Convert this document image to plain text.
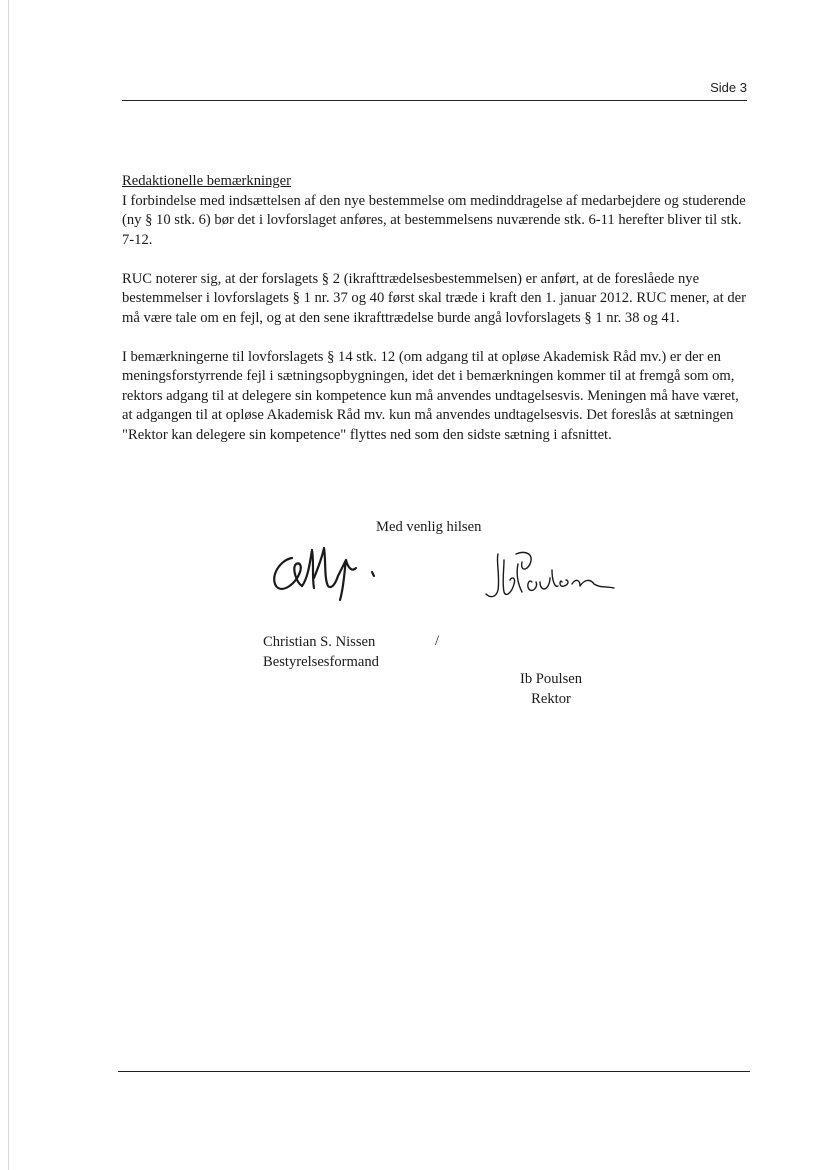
Side 3
Redaktionelle bemærkninger

I forbindelse med indsættelsen af den nye bestemmelse om medinddragelse af medarbejdere og studerende (ny § 10 stk. 6) bør det i lovforslaget anføres, at bestemmelsens nuværende stk. 6-11 herefter bliver til stk. 7-12.

RUC noterer sig, at der forslagets § 2 (ikrafttrædelsesbestemmelsen) er anført, at de foreslåede nye bestemmelser i lovforslagets § 1 nr. 37 og 40 først skal træde i kraft den 1. januar 2012. RUC mener, at der må være tale om en fejl, og at den sene ikrafttrædelse burde angå lovforslagets § 1 nr. 38 og 41.

I bemærkningerne til lovforslagets § 14 stk. 12 (om adgang til at opløse Akademisk Råd mv.) er der en meningsforstyrrende fejl i sætningsopbygningen, idet det i bemærkningen kommer til at fremgå som om, rektors adgang til at delegere sin kompetence kun må anvendes undtagelsesvis. Meningen må have været, at adgangen til at opløse Akademisk Råd mv. kun må anvendes undtagelsesvis. Det foreslås at sætningen "Rektor kan delegere sin kompetence" flyttes ned som den sidste sætning i afsnittet.

Med venlig hilsen
Christian S. Nissen
Bestyrelsesformand
/
Ib Poulsen
Rektor
